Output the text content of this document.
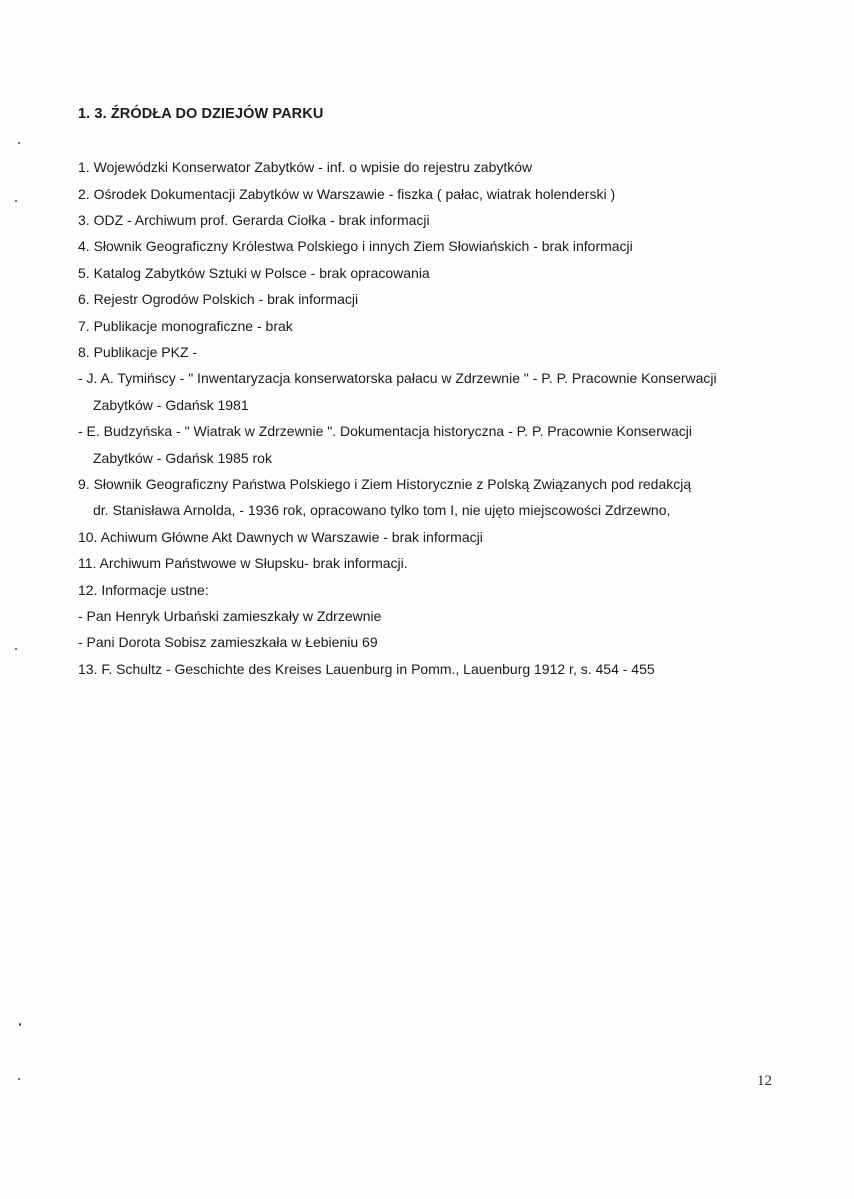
1. 3. ŹRÓDŁA DO DZIEJÓW PARKU
1. Wojewódzki Konserwator Zabytków - inf. o wpisie do rejestru zabytków
2. Ośrodek Dokumentacji Zabytków w Warszawie - fiszka ( pałac, wiatrak holenderski )
3. ODZ - Archiwum prof. Gerarda Ciołka - brak informacji
4. Słownik Geograficzny Królestwa Polskiego i innych Ziem Słowiańskich - brak informacji
5. Katalog Zabytków Sztuki w Polsce - brak opracowania
6. Rejestr Ogrodów Polskich - brak informacji
7. Publikacje monograficzne - brak
8. Publikacje PKZ -
- J. A. Tymińscy - " Inwentaryzacja konserwatorska pałacu w Zdrzewnie " - P. P. Pracownie Konserwacji
Zabytków - Gdańsk 1981
- E. Budzyńska - " Wiatrak w Zdrzewnie ". Dokumentacja historyczna - P. P. Pracownie Konserwacji
Zabytków - Gdańsk 1985 rok
9. Słownik Geograficzny Państwa Polskiego i Ziem Historycznie z Polską Związanych pod redakcją
dr. Stanisława Arnolda, - 1936 rok, opracowano tylko tom I, nie ujęto miejscowości Zdrzewno,
10. Achiwum Główne Akt Dawnych w Warszawie - brak informacji
11. Archiwum Państwowe w Słupsku- brak informacji.
12. Informacje ustne:
- Pan Henryk Urbański zamieszkały w Zdrzewnie
- Pani Dorota Sobisz zamieszkała w Łebieniu 69
13. F. Schultz - Geschichte des Kreises Lauenburg in Pomm., Lauenburg 1912 r, s. 454 - 455
12
